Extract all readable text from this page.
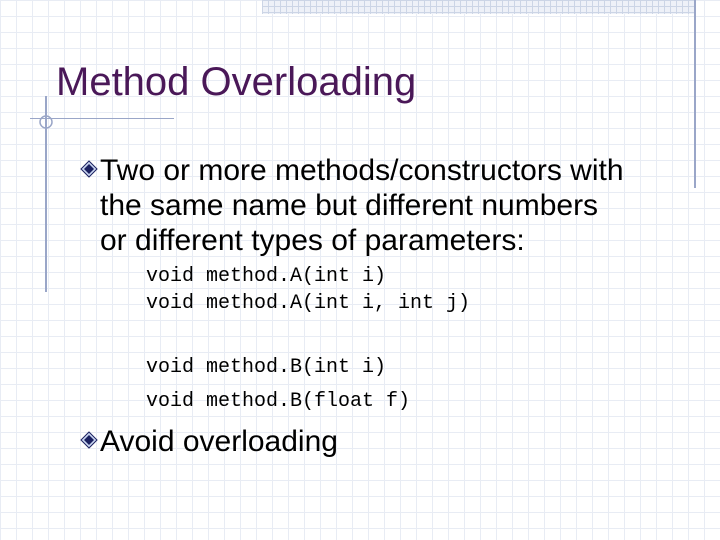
Method Overloading

Two or more methods/constructors with
the same name but different numbers
or different types of parameters:

void method.A(int i)
void method.A(int i, int j)
void method.B(int i)
void method.B(float f)

Avoid overloading
